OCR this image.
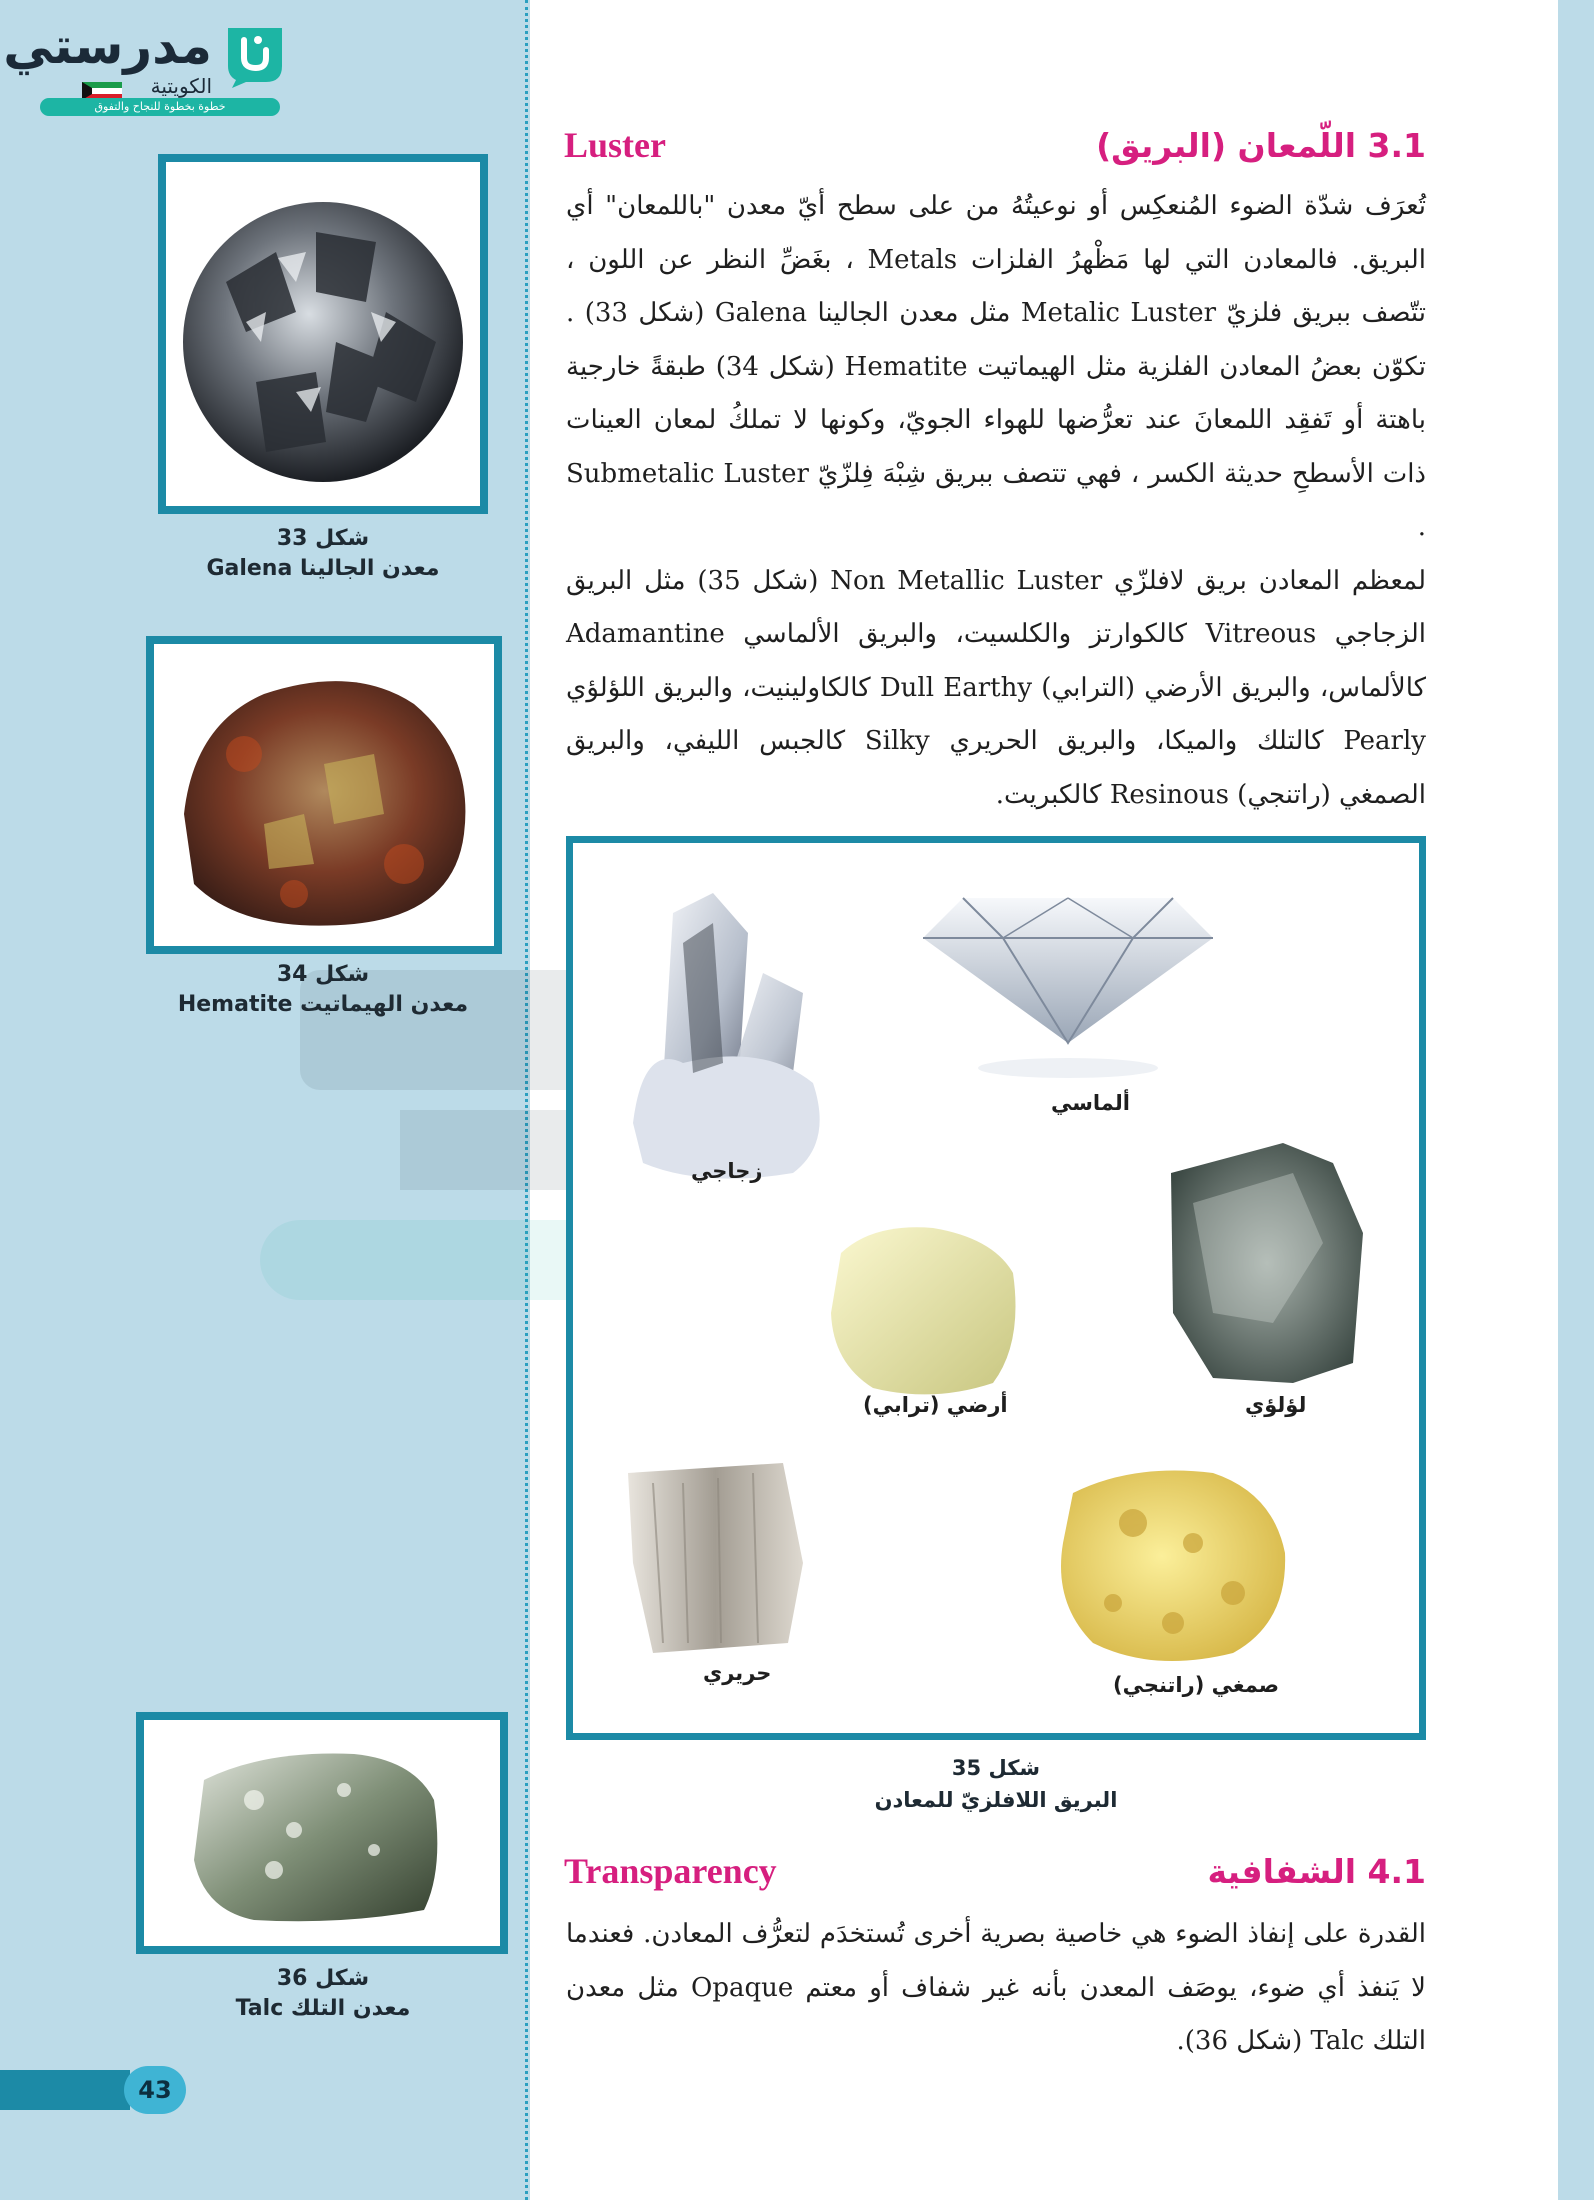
مدرستي
الكويتية
خطوة بخطوة للنجاح والتفوق
شكل 33
معدن الجالينا Galena
شكل 34
معدن الهيماتيت Hematite
شكل 36
معدن التلك Talc
43
3.1 اللّمعان (البريق)
Luster

تُعرَف شدّة الضوء المُنعكِس أو نوعيتُهُ من على سطح أيّ معدن "باللمعان" أي البريق. فالمعادن التي لها مَظْهرُ الفلزات Metals ، بغَضِّ النظر عن اللون ، تتّصف ببريق فلزيّ Metalic Luster مثل معدن الجالينا Galena (شكل 33) . تكوّن بعضُ المعادن الفلزية مثل الهيماتيت Hematite (شكل 34) طبقةً خارجية باهتة أو تَفقِد اللمعانَ عند تعرُّضها للهواء الجويّ، وكونها لا تملكُ لمعان العينات ذات الأسطحِ حديثة الكسر ، فهي تتصف ببريق شِبْهَ فِلزّيّ Submetalic Luster .

لمعظم المعادن بريق لافلزّي Non Metallic Luster (شكل 35) مثل البريق الزجاجي Vitreous كالكوارتز والكلسيت، والبريق الألماسي Adamantine كالألماس، والبريق الأرضي (الترابي) Dull Earthy كالكاولينيت، والبريق اللؤلؤي Pearly كالتلك والميكا، والبريق الحريري Silky كالجبس الليفي، والبريق الصمغي (راتنجي) Resinous كالكبريت.

زجاجي
ألماسي
أرضي (ترابي)	لؤلؤي
حريري	صمغي (راتنجي)
شكل 35
البريق اللافلزيّ للمعادن
4.1 الشفافية
Transparency

القدرة على إنفاذ الضوء هي خاصية بصرية أخرى تُستخدَم لتعرُّف المعادن. فعندما لا يَنفذ أي ضوء، يوصَف المعدن بأنه غير شفاف أو معتم Opaque مثل معدن التلك Talc (شكل 36).
